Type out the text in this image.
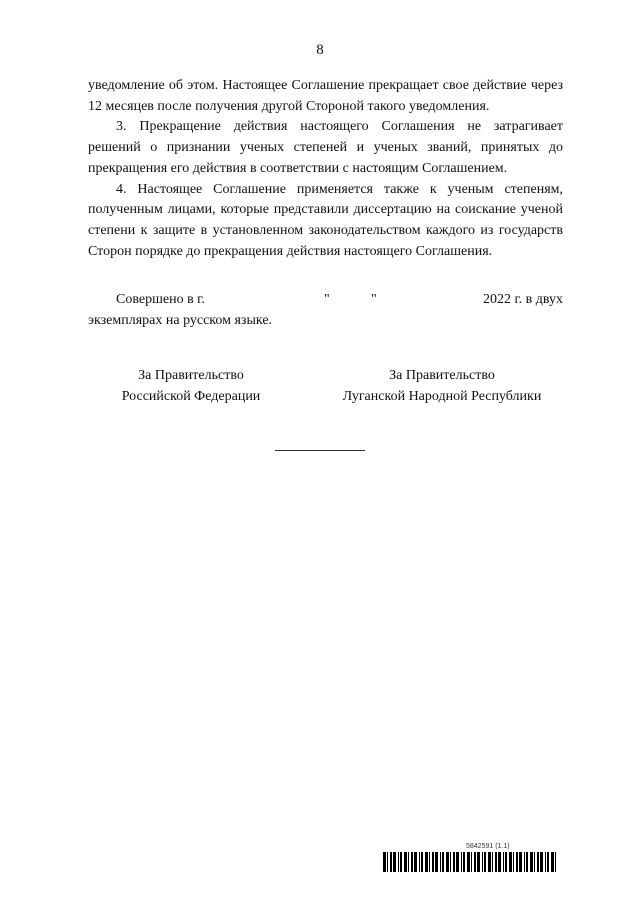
8

уведомление об этом. Настоящее Соглашение прекращает свое действие через 12 месяцев после получения другой Стороной такого уведомления.

3. Прекращение действия настоящего Соглашения не затрагивает решений о признании ученых степеней и ученых званий, принятых до прекращения его действия в соответствии с настоящим Соглашением.

4. Настоящее Соглашение применяется также к ученым степеням, полученным лицами, которые представили диссертацию на соискание ученой степени к защите в установленном законодательством каждого из государств Сторон порядке до прекращения действия настоящего Соглашения.

Совершено в г.	"	"	2022 г. в двух
экземплярах на русском языке.
За Правительство
Российской Федерации
За Правительство
Луганской Народной Республики
5842591 (1.1)
